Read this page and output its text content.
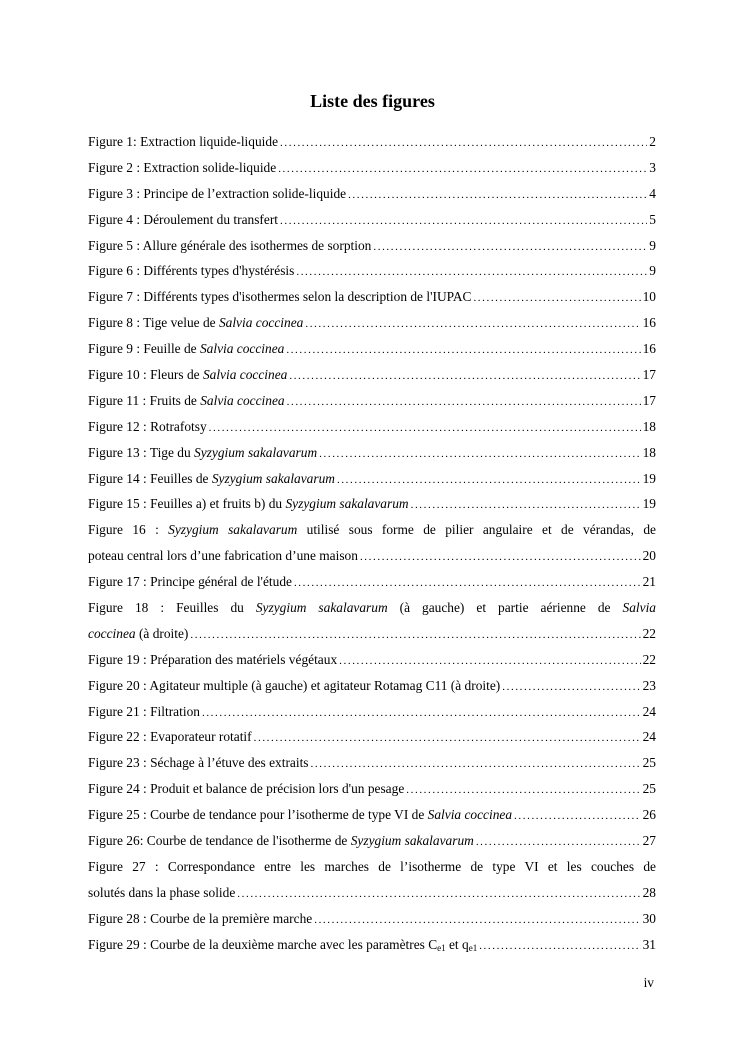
Liste des figures
Figure 1: Extraction liquide-liquide .....	2
Figure 2 : Extraction solide-liquide .....	3
Figure 3 : Principe de l’extraction solide-liquide .....	4
Figure 4 : Déroulement du transfert .....	5
Figure 5 : Allure générale des isothermes de sorption .....	9
Figure 6 : Différents types d'hystérésis .....	9
Figure 7 : Différents types d'isothermes selon la description de l'IUPAC .....	10
Figure 8 : Tige velue de Salvia coccinea .....	16
Figure 9 : Feuille de Salvia coccinea .....	16
Figure 10 : Fleurs de Salvia coccinea .....	17
Figure 11 : Fruits de Salvia coccinea .....	17
Figure 12 : Rotrafotsy .....	18
Figure 13 : Tige du Syzygium sakalavarum .....	18
Figure 14 : Feuilles de Syzygium sakalavarum .....	19
Figure 15 : Feuilles a) et fruits b) du Syzygium sakalavarum .....	19
Figure 16 : Syzygium sakalavarum utilisé sous forme de pilier angulaire et de vérandas, de
poteau central lors d’une fabrication d’une maison .....	20
Figure 17 : Principe général de l'étude .....	21
Figure 18 : Feuilles du Syzygium sakalavarum (à gauche) et partie aérienne de Salvia
coccinea (à droite) .....	22
Figure 19 : Préparation des matériels végétaux .....	22
Figure 20 : Agitateur multiple (à gauche) et agitateur Rotamag C11 (à droite) .....	23
Figure 21 : Filtration .....	24
Figure 22 : Evaporateur rotatif .....	24
Figure 23 : Séchage à l’étuve des extraits .....	25
Figure 24 : Produit et balance de précision lors d'un pesage .....	25
Figure 25 : Courbe de tendance pour l’isotherme de type VI de Salvia coccinea .....	26
Figure 26: Courbe de tendance de l'isotherme de Syzygium sakalavarum .....	27
Figure 27 : Correspondance entre les marches de l’isotherme de type VI et les couches de
solutés dans la phase solide .....	28
Figure 28 : Courbe de la première marche .....	30
Figure 29 : Courbe de la deuxième marche avec les paramètres $C_{e1}$ et $q_{e1}$ .....	31
iv
